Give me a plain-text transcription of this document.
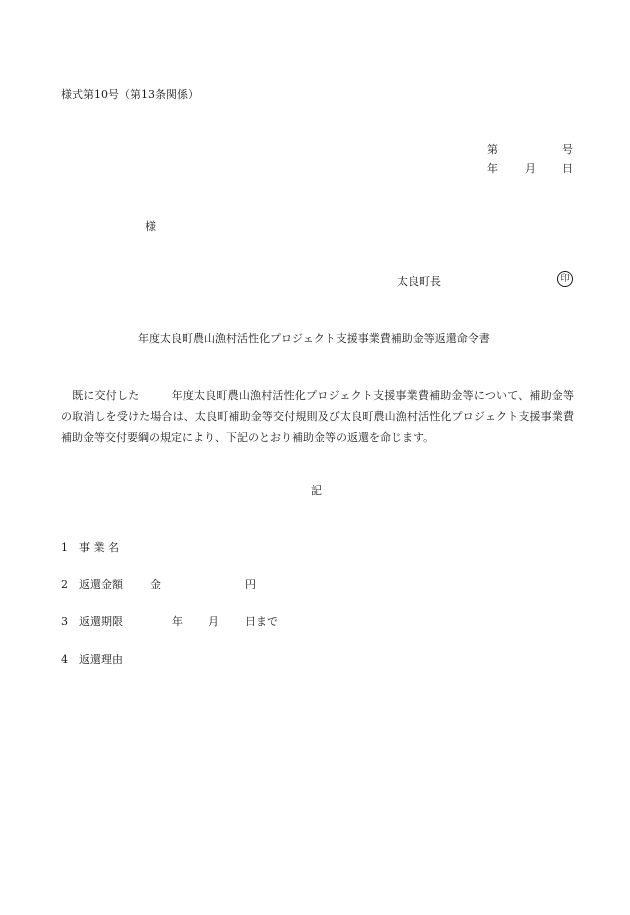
様式第10号（第13条関係）
第	号
年 月 日
様
太良町長	印
年度太良町農山漁村活性化プロジェクト支援事業費補助金等返還命令書
既に交付した	年度太良町農山漁村活性化プロジェクト支援事業費補助金等について、補助金等の取消しを受けた場合は、太良町補助金等交付規則及び太良町農山漁村活性化プロジェクト支援事業費補助金等交付要綱の規定により、下記のとおり補助金等の返還を命じます。
記
1 事 業 名
2 返還金額 金	円
3 返還期限	年 月 日まで
4 返還理由
